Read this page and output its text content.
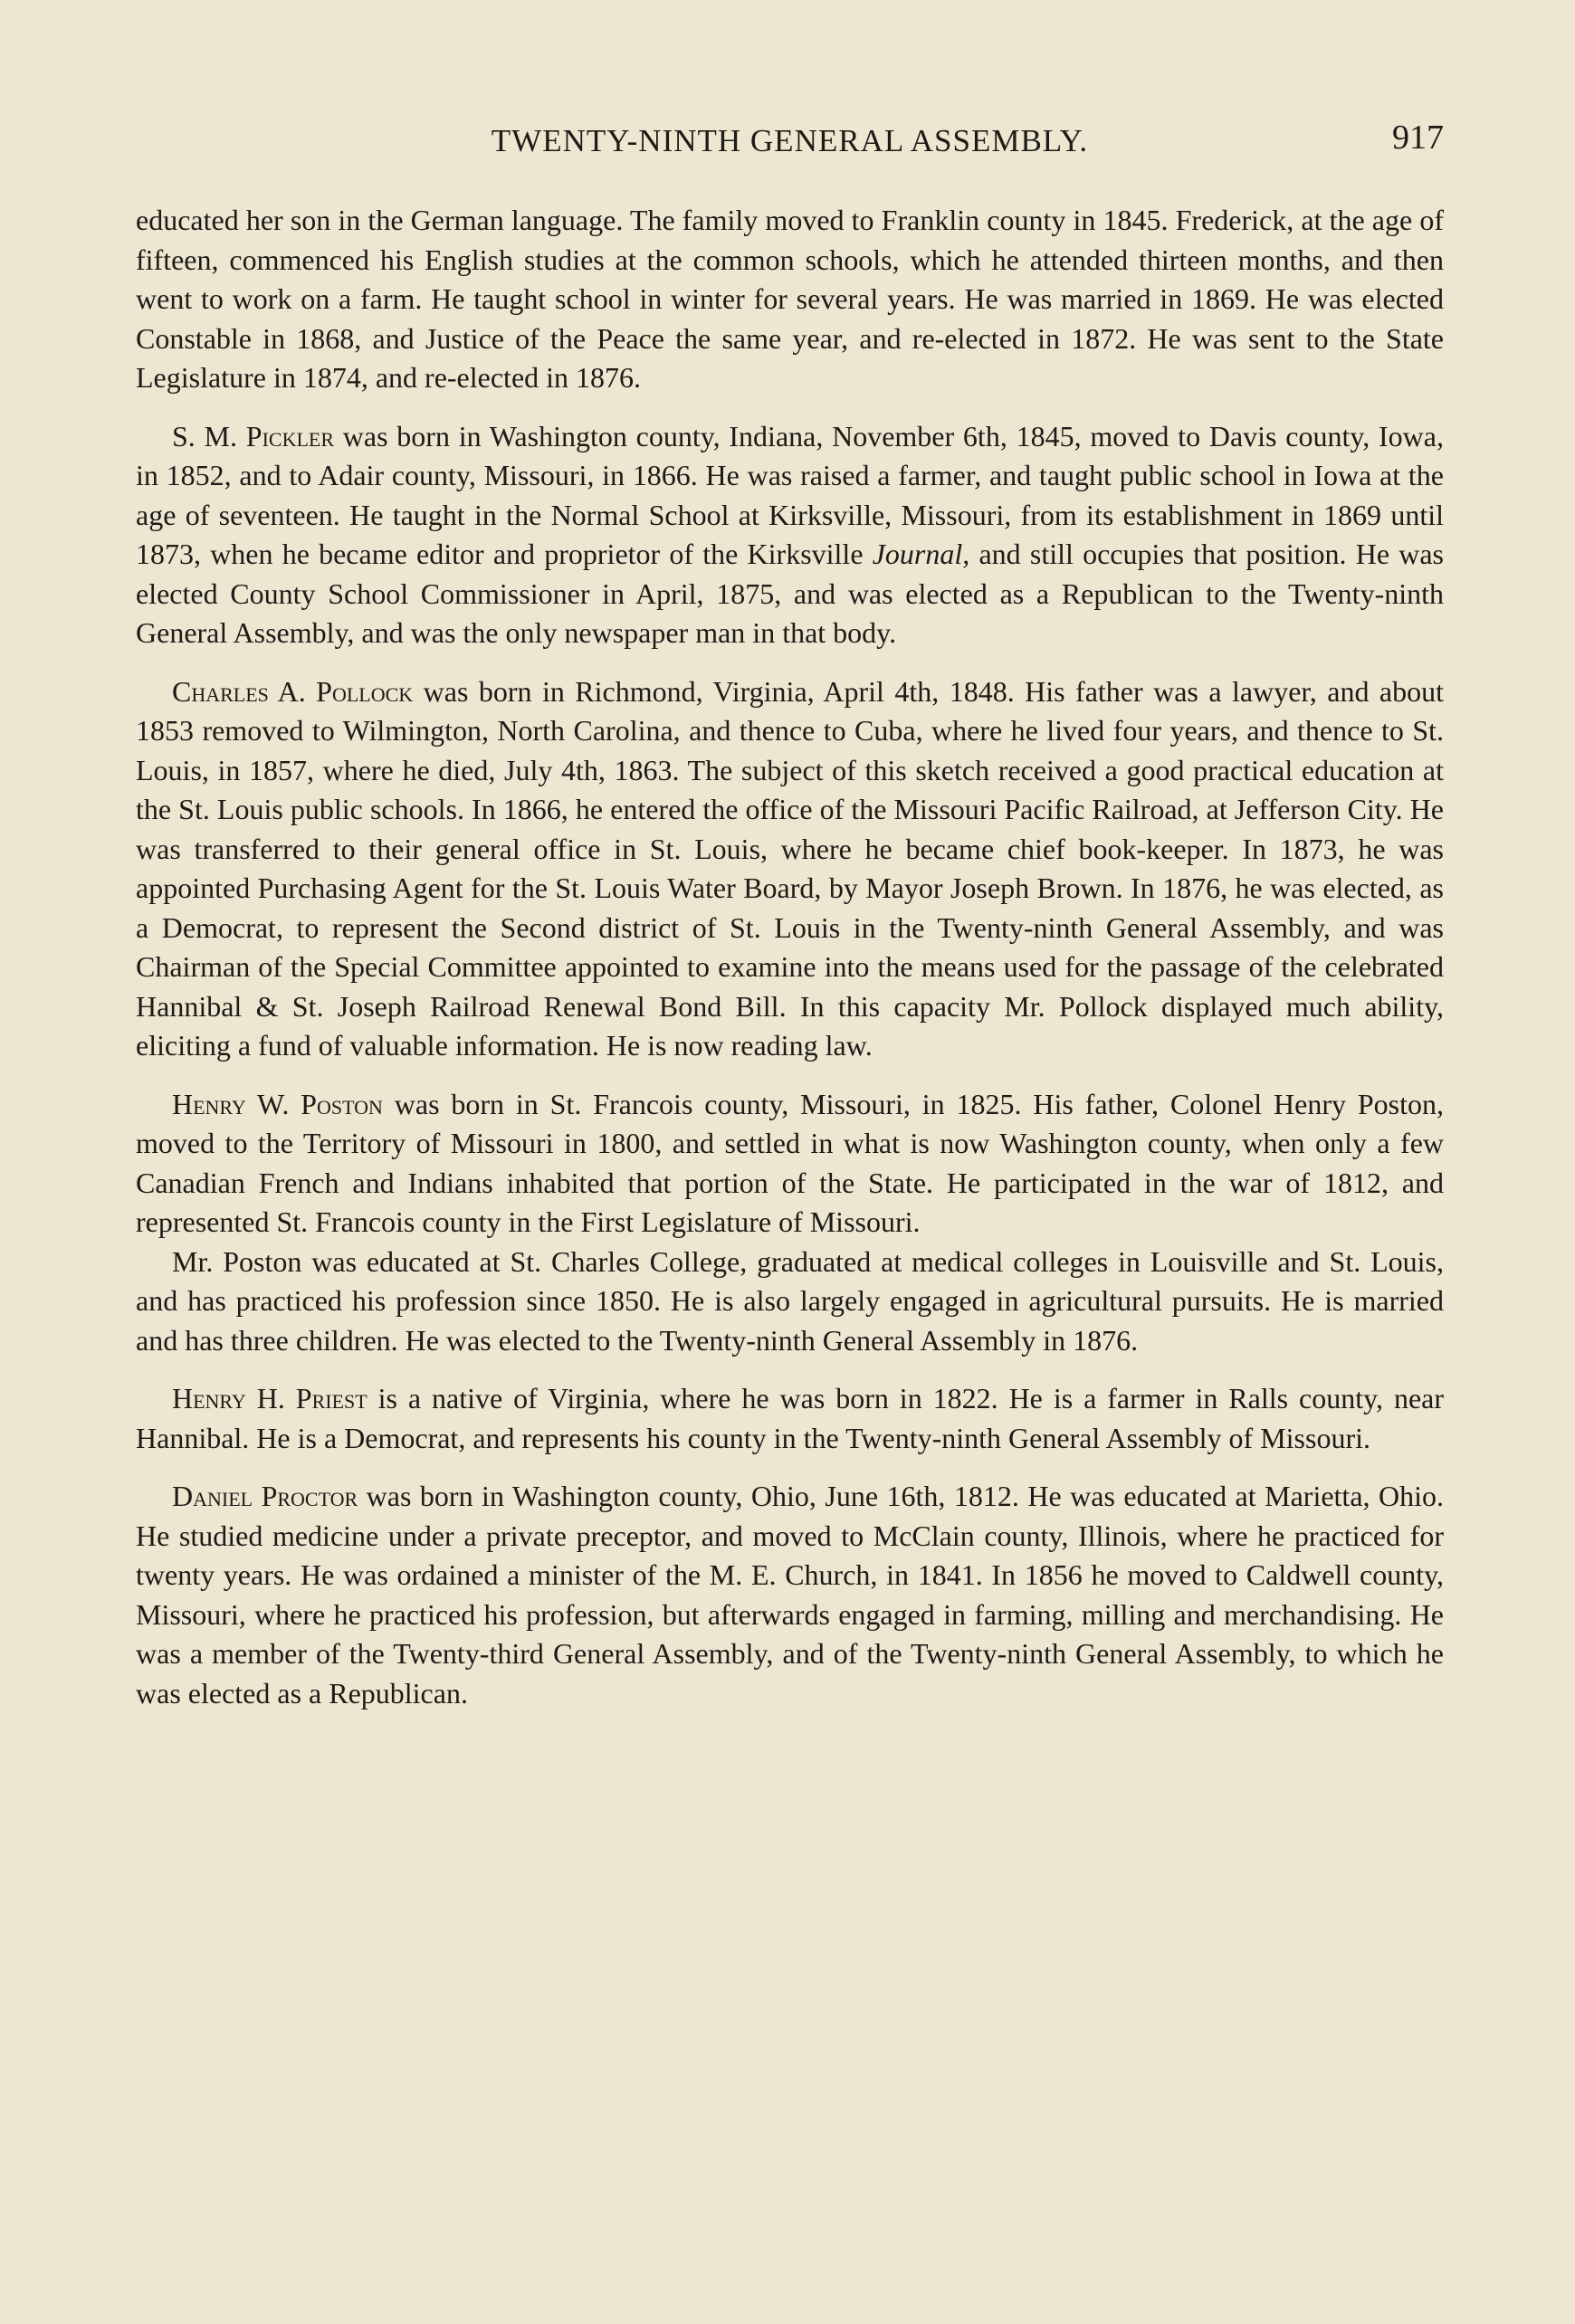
TWENTY-NINTH GENERAL ASSEMBLY.	917

educated her son in the German language. The family moved to Franklin county in 1845. Frederick, at the age of fifteen, commenced his English studies at the common schools, which he attended thirteen months, and then went to work on a farm. He taught school in winter for several years. He was married in 1869. He was elected Constable in 1868, and Justice of the Peace the same year, and re-elected in 1872. He was sent to the State Legislature in 1874, and re-elected in 1876.

S. M. Pickler was born in Washington county, Indiana, November 6th, 1845, moved to Davis county, Iowa, in 1852, and to Adair county, Missouri, in 1866. He was raised a farmer, and taught public school in Iowa at the age of seventeen. He taught in the Normal School at Kirksville, Missouri, from its establishment in 1869 until 1873, when he became editor and proprietor of the Kirksville Journal, and still occupies that position. He was elected County School Commissioner in April, 1875, and was elected as a Republican to the Twenty-ninth General Assembly, and was the only newspaper man in that body.

Charles A. Pollock was born in Richmond, Virginia, April 4th, 1848. His father was a lawyer, and about 1853 removed to Wilmington, North Carolina, and thence to Cuba, where he lived four years, and thence to St. Louis, in 1857, where he died, July 4th, 1863. The subject of this sketch received a good practical education at the St. Louis public schools. In 1866, he entered the office of the Missouri Pacific Railroad, at Jefferson City. He was transferred to their general office in St. Louis, where he became chief book-keeper. In 1873, he was appointed Purchasing Agent for the St. Louis Water Board, by Mayor Joseph Brown. In 1876, he was elected, as a Democrat, to represent the Second district of St. Louis in the Twenty-ninth General Assembly, and was Chairman of the Special Committee appointed to examine into the means used for the passage of the celebrated Hannibal & St. Joseph Railroad Renewal Bond Bill. In this capacity Mr. Pollock displayed much ability, eliciting a fund of valuable information. He is now reading law.

Henry W. Poston was born in St. Francois county, Missouri, in 1825. His father, Colonel Henry Poston, moved to the Territory of Missouri in 1800, and settled in what is now Washington county, when only a few Canadian French and Indians inhabited that portion of the State. He participated in the war of 1812, and represented St. Francois county in the First Legislature of Missouri.

Mr. Poston was educated at St. Charles College, graduated at medical colleges in Louisville and St. Louis, and has practiced his profession since 1850. He is also largely engaged in agricultural pursuits. He is married and has three children. He was elected to the Twenty-ninth General Assembly in 1876.

Henry H. Priest is a native of Virginia, where he was born in 1822. He is a farmer in Ralls county, near Hannibal. He is a Democrat, and represents his county in the Twenty-ninth General Assembly of Missouri.

Daniel Proctor was born in Washington county, Ohio, June 16th, 1812. He was educated at Marietta, Ohio. He studied medicine under a private preceptor, and moved to McClain county, Illinois, where he practiced for twenty years. He was ordained a minister of the M. E. Church, in 1841. In 1856 he moved to Caldwell county, Missouri, where he practiced his profession, but afterwards engaged in farming, milling and merchandising. He was a member of the Twenty-third General Assembly, and of the Twenty-ninth General Assembly, to which he was elected as a Republican.
